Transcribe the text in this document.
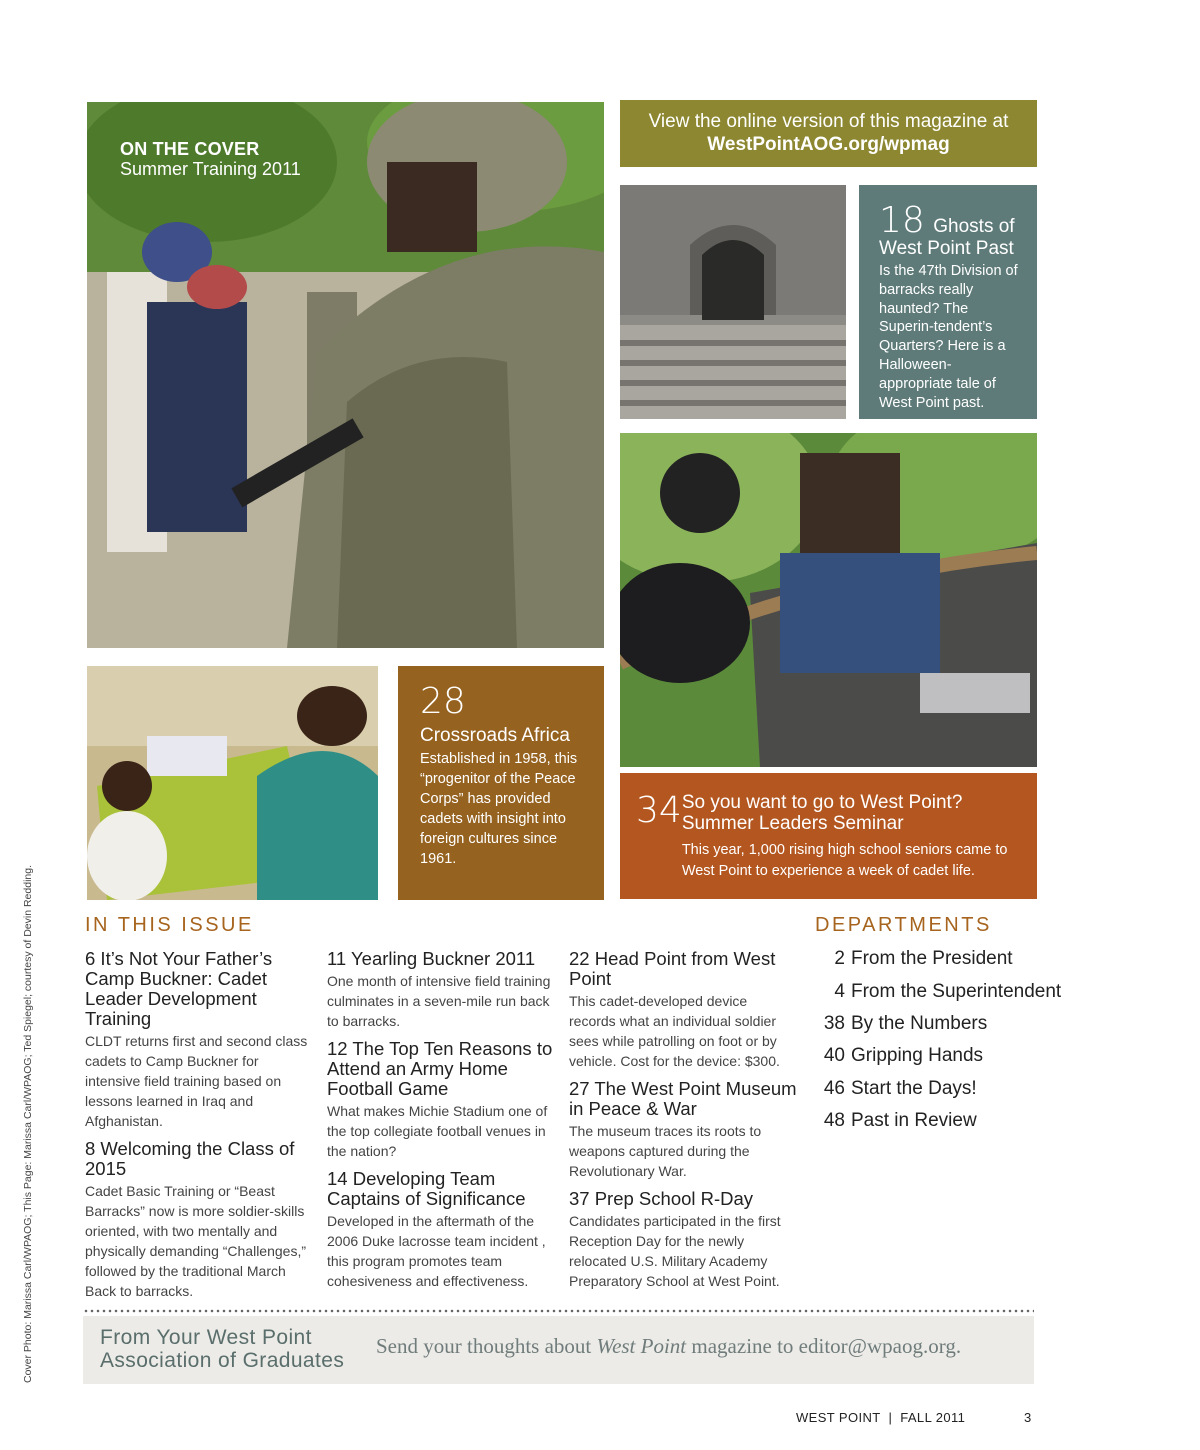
ON THE COVER
Summer Training 2011
View the online version of this magazine at
WestPointAOG.org/wpmag
18 Ghosts of
West Point Past
Is the 47th Division of barracks really haunted? The Superin-tendent’s Quarters? Here is a Halloween-appropriate tale of West Point past.
28
Crossroads Africa
Established in 1958, this “progenitor of the Peace Corps” has provided cadets with insight into foreign cultures since 1961.
34 So you want to go to West Point?
Summer Leaders Seminar
This year, 1,000 rising high school seniors came to West Point to experience a week of cadet life.
Cover Photo: Marissa Carl/WPAOG; This Page: Marissa Carl/WPAOG; Ted Spiegel; courtesy of Devin Redding.	IN THIS ISSUE

6 It’s Not Your Father’s Camp Buckner: Cadet Leader Development Training

CLDT returns first and second class cadets to Camp Buckner for intensive field training based on lessons learned in Iraq and Afghanistan.

8 Welcoming the Class of 2015

Cadet Basic Training or “Beast Barracks” now is more soldier-skills oriented, with two mentally and physically demanding “Challenges,” followed by the traditional March Back to barracks.

11 Yearling Buckner 2011

One month of intensive field training culminates in a seven-mile run back to barracks.

12 The Top Ten Reasons to Attend an Army Home Football Game

What makes Michie Stadium one of the top collegiate football venues in the nation?

14 Developing Team Captains of Significance

Developed in the aftermath of the 2006 Duke lacrosse team incident , this program promotes team cohesiveness and effectiveness.

22 Head Point from West Point

This cadet-developed device records what an individual soldier sees while patrolling on foot or by vehicle. Cost for the device: $300.

27 The West Point Museum in Peace & War

The museum traces its roots to weapons captured during the Revolutionary War.

37 Prep School R-Day

Candidates participated in the first Reception Day for the newly relocated U.S. Military Academy Preparatory School at West Point.

DEPARTMENTS
2 From the President
4 From the Superintendent
38 By the Numbers
40 Gripping Hands
46 Start the Days!
48 Past in Review
From Your West Point
Association of Graduates
Send your thoughts about West Point magazine to editor@wpaog.org.
WEST POINT  |  FALL 2011	3
